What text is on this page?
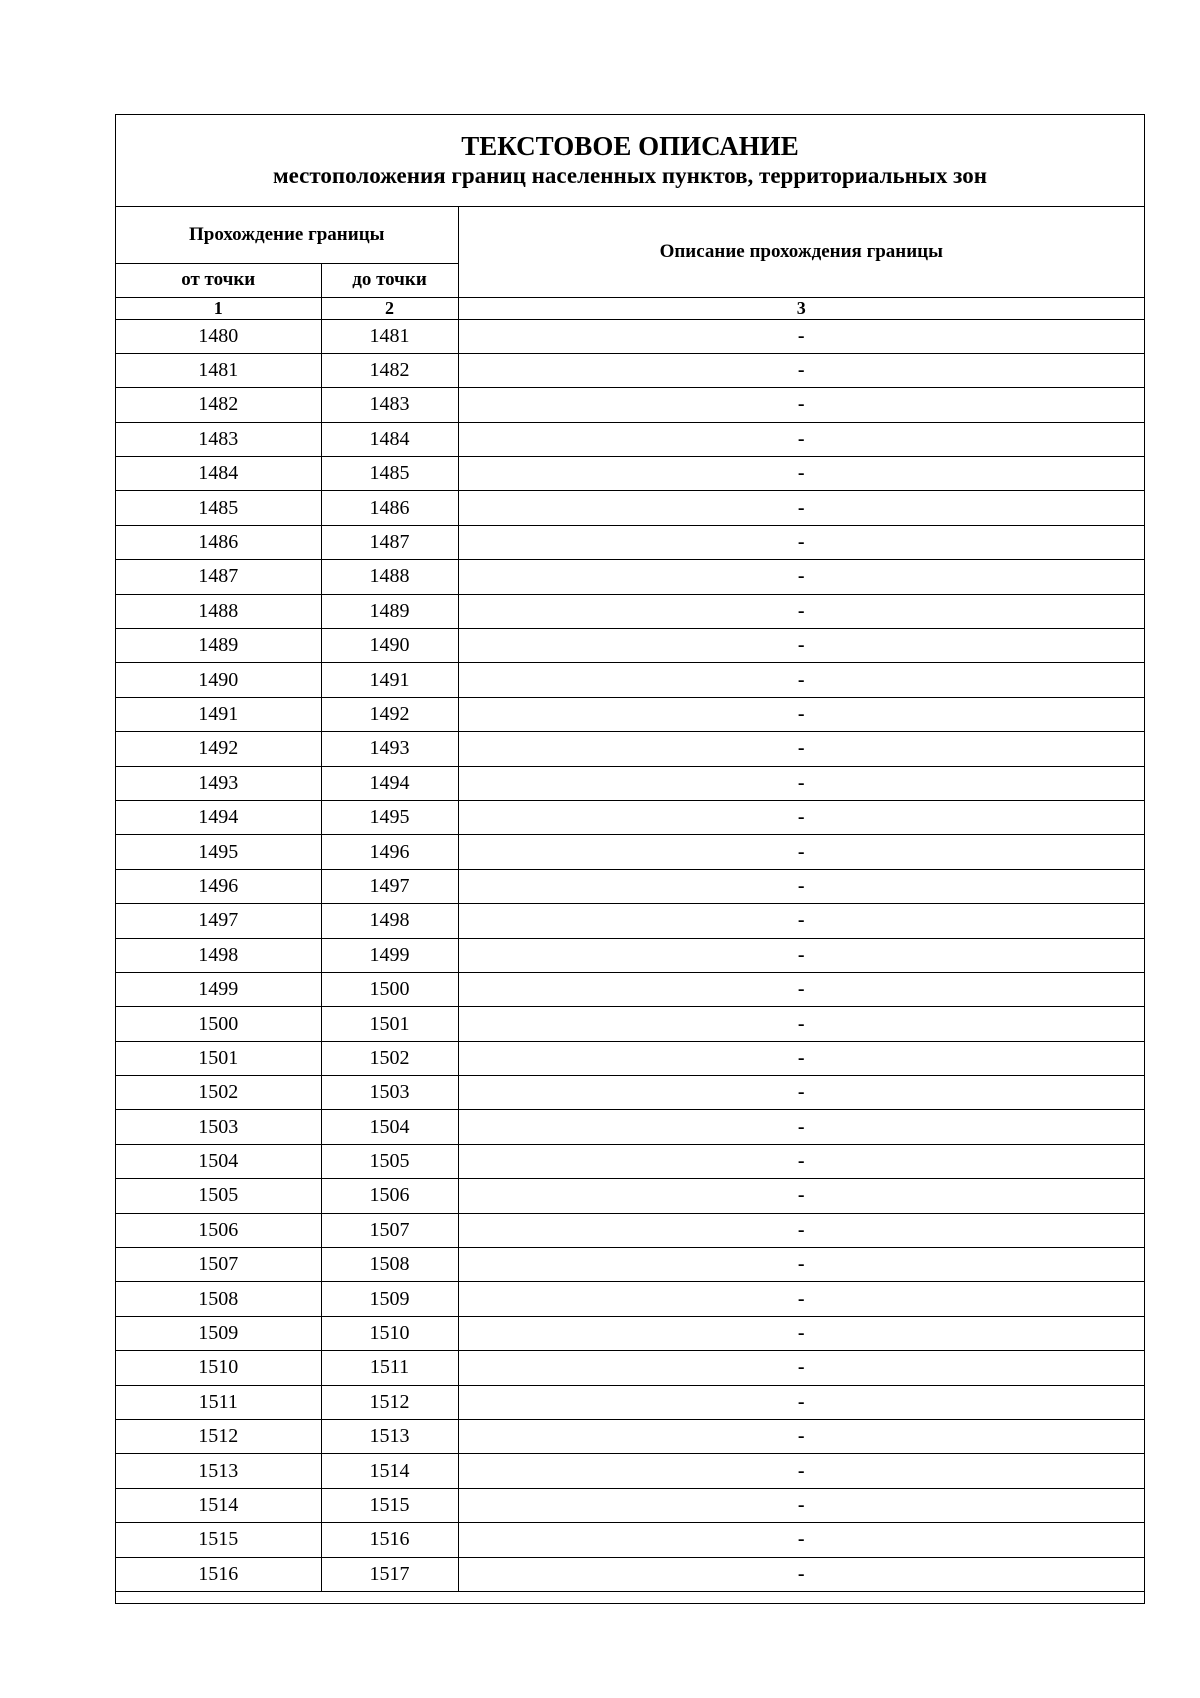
ТЕКСТОВОЕ ОПИСАНИЕ
местоположения границ населенных пунктов, территориальных зон
Прохождение границы		Описание прохождения границы
от точки	до точки	
1	2	3
1480	1481	-
1481	1482	-
1482	1483	-
1483	1484	-
1484	1485	-
1485	1486	-
1486	1487	-
1487	1488	-
1488	1489	-
1489	1490	-
1490	1491	-
1491	1492	-
1492	1493	-
1493	1494	-
1494	1495	-
1495	1496	-
1496	1497	-
1497	1498	-
1498	1499	-
1499	1500	-
1500	1501	-
1501	1502	-
1502	1503	-
1503	1504	-
1504	1505	-
1505	1506	-
1506	1507	-
1507	1508	-
1508	1509	-
1509	1510	-
1510	1511	-
1511	1512	-
1512	1513	-
1513	1514	-
1514	1515	-
1515	1516	-
1516	1517	-
